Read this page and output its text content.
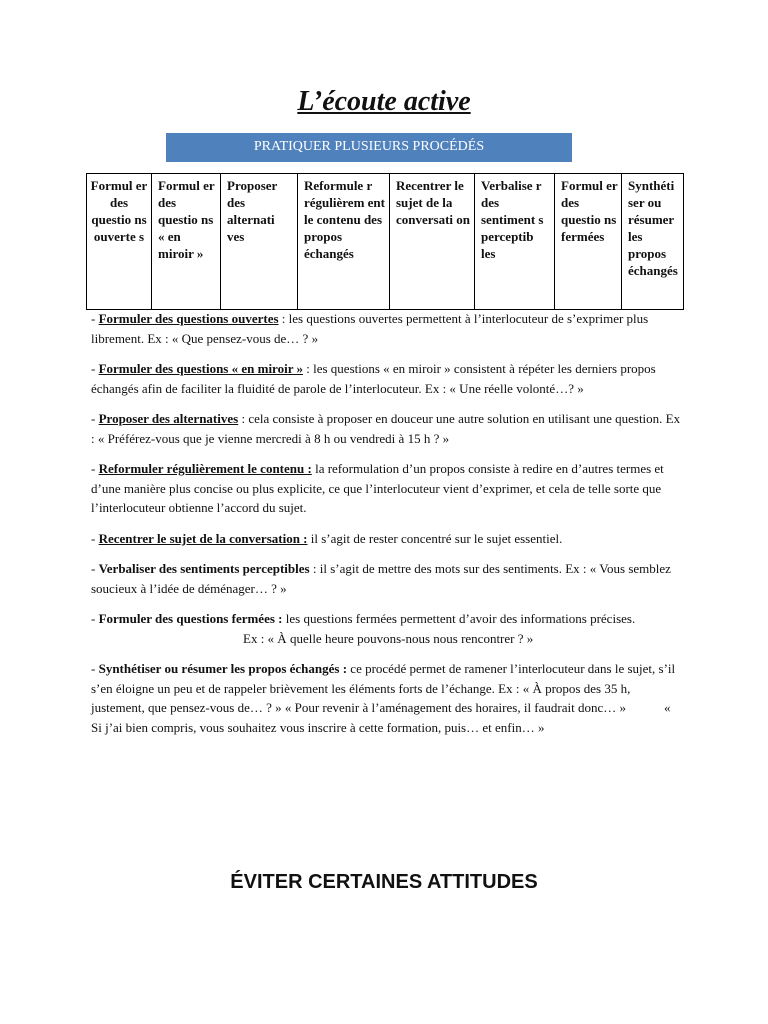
L’écoute active
PRATIQUER PLUSIEURS PROCÉDÉS
Formul er des questio ns ouverte s	Formul er des questio ns « en miroir »	Proposer des alternati ves	Reformule r régulièrem ent le contenu des propos échangés	Recentrer le sujet de la conversati on	Verbalise r des sentiment s perceptib les	Formul er des questio ns fermées	Synthéti ser ou résumer les propos échangés

- Formuler des questions ouvertes : les questions ouvertes permettent à l’interlocuteur de s’exprimer plus librement. Ex : « Que pensez-vous de… ? »

- Formuler des questions « en miroir » : les questions « en miroir » consistent à répéter les derniers propos échangés afin de faciliter la fluidité de parole de l’interlocuteur. Ex : « Une réelle volonté…? »

- Proposer des alternatives : cela consiste à proposer en douceur une autre solution en utilisant une question. Ex : « Préférez-vous que je vienne mercredi à 8 h ou vendredi à 15 h ? »

- Reformuler régulièrement le contenu : la reformulation d’un propos consiste à redire en d’autres termes et d’une manière plus concise ou plus explicite, ce que l’interlocuteur vient d’exprimer, et cela de telle sorte que l’interlocuteur obtienne l’accord du sujet.

- Recentrer le sujet de la conversation : il s’agit de rester concentré sur le sujet essentiel.

- Verbaliser des sentiments perceptibles : il s’agit de mettre des mots sur des sentiments. Ex : « Vous semblez soucieux à l’idée de déménager… ? »

- Formuler des questions fermées : les questions fermées permettent d’avoir des informations précises.Ex : « À quelle heure pouvons-nous nous rencontrer ? »

- Synthétiser ou résumer les propos échangés : ce procédé permet de ramener l’interlocuteur dans le sujet, s’il s’en éloigne un peu et de rappeler brièvement les éléments forts de l’échange. Ex : « À propos des 35 h, justement, que pensez-vous de… ? » « Pour revenir à l’aménagement des horaires, il faudrait donc… »	« Si j’ai bien compris, vous souhaitez vous inscrire à cette formation, puis… et enfin… »

ÉVITER CERTAINES ATTITUDES
